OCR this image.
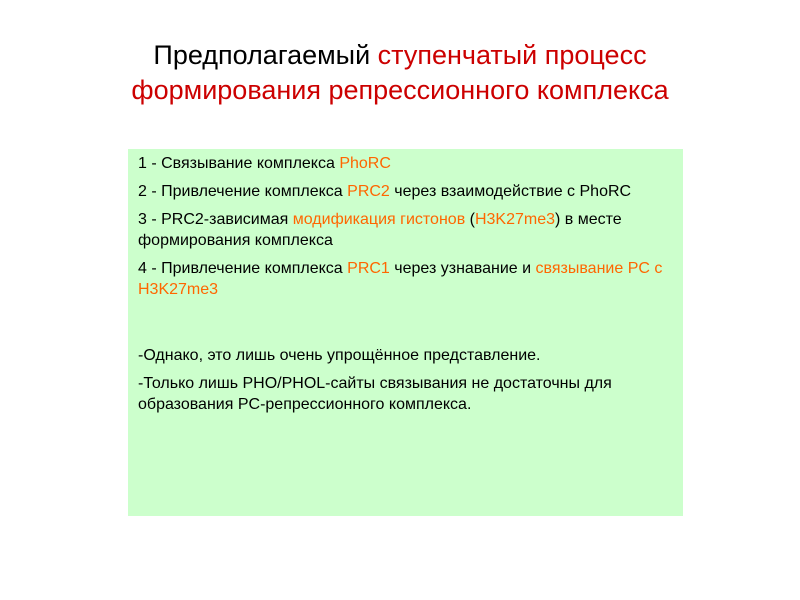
Предполагаемый ступенчатый процесс
формирования репрессионного комплекса

1 - Связывание комплекса PhoRC

2 - Привлечение комплекса PRC2 через взаимодействие с PhoRC

3 - PRC2-зависимая модификация гистонов (H3K27me3) в месте формирования комплекса

4 - Привлечение комплекса PRC1 через узнавание и связывание PC с H3K27me3

-Однако, это лишь очень упрощённое представление.

-Только лишь PHO/PHOL-сайты связывания не достаточны для образования PC-репрессионного комплекса.
